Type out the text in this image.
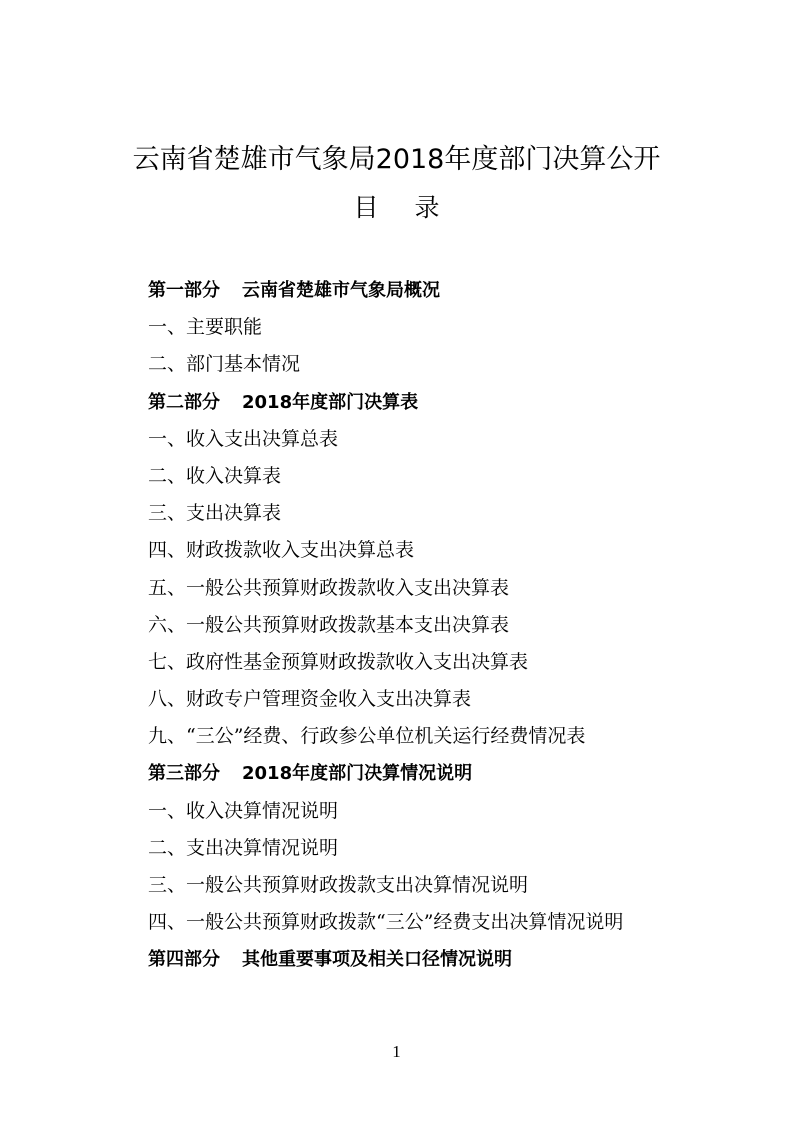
云南省楚雄市气象局2018年度部门决算公开
目录
第一部分 云南省楚雄市气象局概况
一、主要职能
二、部门基本情况
第二部分 2018年度部门决算表
一、收入支出决算总表
二、收入决算表
三、支出决算表
四、财政拨款收入支出决算总表
五、一般公共预算财政拨款收入支出决算表
六、一般公共预算财政拨款基本支出决算表
七、政府性基金预算财政拨款收入支出决算表
八、财政专户管理资金收入支出决算表
九、“三公”经费、行政参公单位机关运行经费情况表
第三部分 2018年度部门决算情况说明
一、收入决算情况说明
二、支出决算情况说明
三、一般公共预算财政拨款支出决算情况说明
四、一般公共预算财政拨款“三公”经费支出决算情况说明
第四部分 其他重要事项及相关口径情况说明
1
